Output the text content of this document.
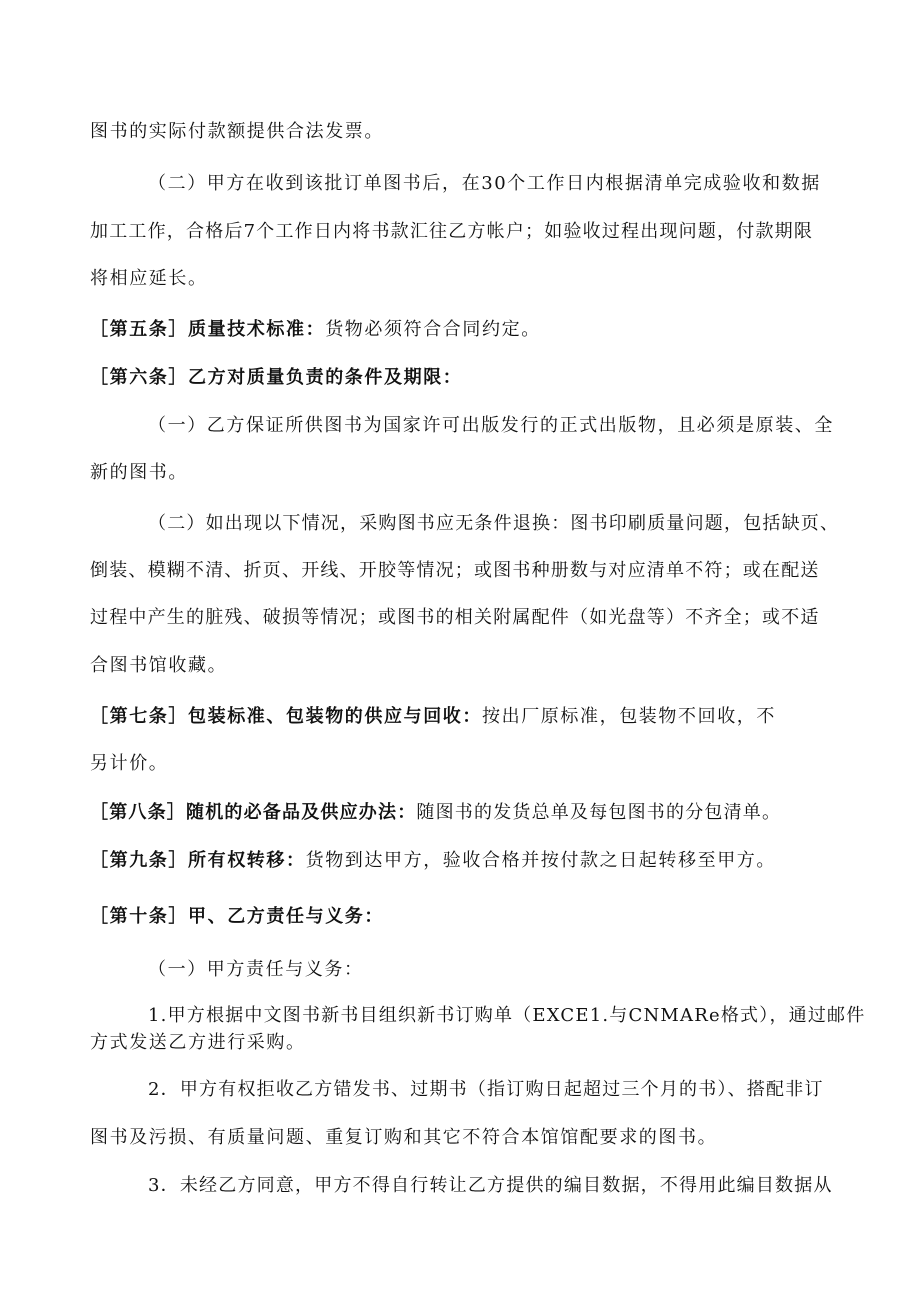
图书的实际付款额提供合法发票。
（二）甲方在收到该批订单图书后，在30个工作日内根据清单完成验收和数据
加工工作，合格后7个工作日内将书款汇往乙方帐户；如验收过程出现问题，付款期限
将相应延长。
［第五条］质量技术标准：货物必须符合合同约定。
［第六条］乙方对质量负责的条件及期限：
（一）乙方保证所供图书为国家许可出版发行的正式出版物，且必须是原装、全
新的图书。
（二）如出现以下情况，采购图书应无条件退换：图书印刷质量问题，包括缺页、
倒装、模糊不清、折页、开线、开胶等情况；或图书种册数与对应清单不符；或在配送
过程中产生的脏残、破损等情况；或图书的相关附属配件（如光盘等）不齐全；或不适
合图书馆收藏。
［第七条］包装标准、包装物的供应与回收：按出厂原标准，包装物不回收，不
另计价。
［第八条］随机的必备品及供应办法：随图书的发货总单及每包图书的分包清单。
［第九条］所有权转移：货物到达甲方，验收合格并按付款之日起转移至甲方。
［第十条］甲、乙方责任与义务：
（一）甲方责任与义务：
1.甲方根据中文图书新书目组织新书订购单（EXCE1.与CNMARe格式），通过邮件
方式发送乙方进行采购。
2．甲方有权拒收乙方错发书、过期书（指订购日起超过三个月的书）、搭配非订
图书及污损、有质量问题、重复订购和其它不符合本馆馆配要求的图书。
3．未经乙方同意，甲方不得自行转让乙方提供的编目数据，不得用此编目数据从
